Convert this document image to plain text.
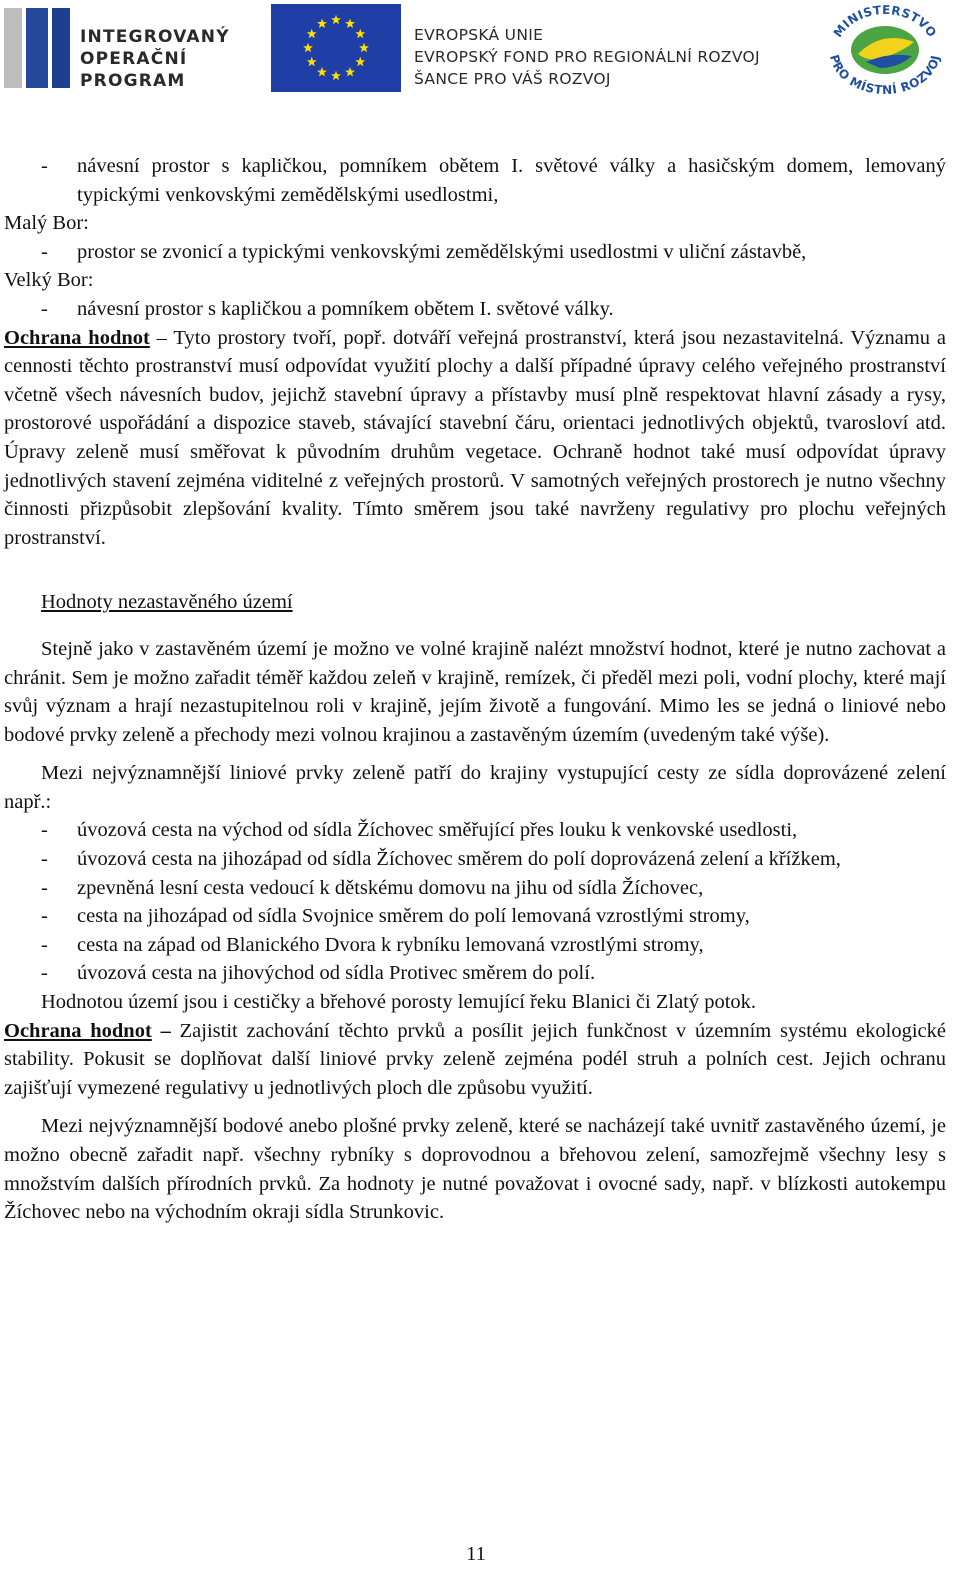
INTEGROVANÝ
OPERAČNÍ
PROGRAM
EVROPSKÁ UNIE
EVROPSKÝ FOND PRO REGIONÁLNÍ ROZVOJ
ŠANCE PRO VÁŠ ROZVOJ
MINISTERSTVO
PRO MÍSTNÍ ROZVOJ
- návesní prostor s kapličkou, pomníkem obětem I. světové války a hasičským domem, lemovaný typickými venkovskými zemědělskými usedlostmi,
Malý Bor:
- prostor se zvonicí a typickými venkovskými zemědělskými usedlostmi v uliční zástavbě,
Velký Bor:
- návesní prostor s kapličkou a pomníkem obětem I. světové války.
Ochrana hodnot – Tyto prostory tvoří, popř. dotváří veřejná prostranství, která jsou nezastavitelná. Významu a cennosti těchto prostranství musí odpovídat využití plochy a další případné úpravy celého veřejného prostranství včetně všech návesních budov, jejichž stavební úpravy a přístavby musí plně respektovat hlavní zásady a rysy, prostorové uspořádání a dispozice staveb, stávající stavební čáru, orientaci jednotlivých objektů, tvarosloví atd. Úpravy zeleně musí směřovat k původním druhům vegetace. Ochraně hodnot také musí odpovídat úpravy jednotlivých stavení zejména viditelné z veřejných prostorů. V samotných veřejných prostorech je nutno všechny činnosti přizpůsobit zlepšování kvality. Tímto směrem jsou také navrženy regulativy pro plochu veřejných prostranství.
Hodnoty nezastavěného území
Stejně jako v zastavěném území je možno ve volné krajině nalézt množství hodnot, které je nutno zachovat a chránit. Sem je možno zařadit téměř každou zeleň v krajině, remízek, či předěl mezi poli, vodní plochy, které mají svůj význam a hrají nezastupitelnou roli v krajině, jejím životě a fungování. Mimo les se jedná o liniové nebo bodové prvky zeleně a přechody mezi volnou krajinou a zastavěným územím (uvedeným také výše).
Mezi nejvýznamnější liniové prvky zeleně patří do krajiny vystupující cesty ze sídla doprovázené zelení např.:
- úvozová cesta na východ od sídla Žíchovec směřující přes louku k venkovské usedlosti,
- úvozová cesta na jihozápad od sídla Žíchovec směrem do polí doprovázená zelení a křížkem,
- zpevněná lesní cesta vedoucí k dětskému domovu na jihu od sídla Žíchovec,
- cesta na jihozápad od sídla Svojnice směrem do polí lemovaná vzrostlými stromy,
- cesta na západ od Blanického Dvora k rybníku lemovaná vzrostlými stromy,
- úvozová cesta na jihovýchod od sídla Protivec směrem do polí.
Hodnotou území jsou i cestičky a břehové porosty lemující řeku Blanici či Zlatý potok.
Ochrana hodnot – Zajistit zachování těchto prvků a posílit jejich funkčnost v územním systému ekologické stability. Pokusit se doplňovat další liniové prvky zeleně zejména podél struh a polních cest. Jejich ochranu zajišťují vymezené regulativy u jednotlivých ploch dle způsobu využití.
Mezi nejvýznamnější bodové anebo plošné prvky zeleně, které se nacházejí také uvnitř zastavěného území, je možno obecně zařadit např. všechny rybníky s doprovodnou a břehovou zelení, samozřejmě všechny lesy s množstvím dalších přírodních prvků. Za hodnoty je nutné považovat i ovocné sady, např. v blízkosti autokempu Žíchovec nebo na východním okraji sídla Strunkovic.
11
